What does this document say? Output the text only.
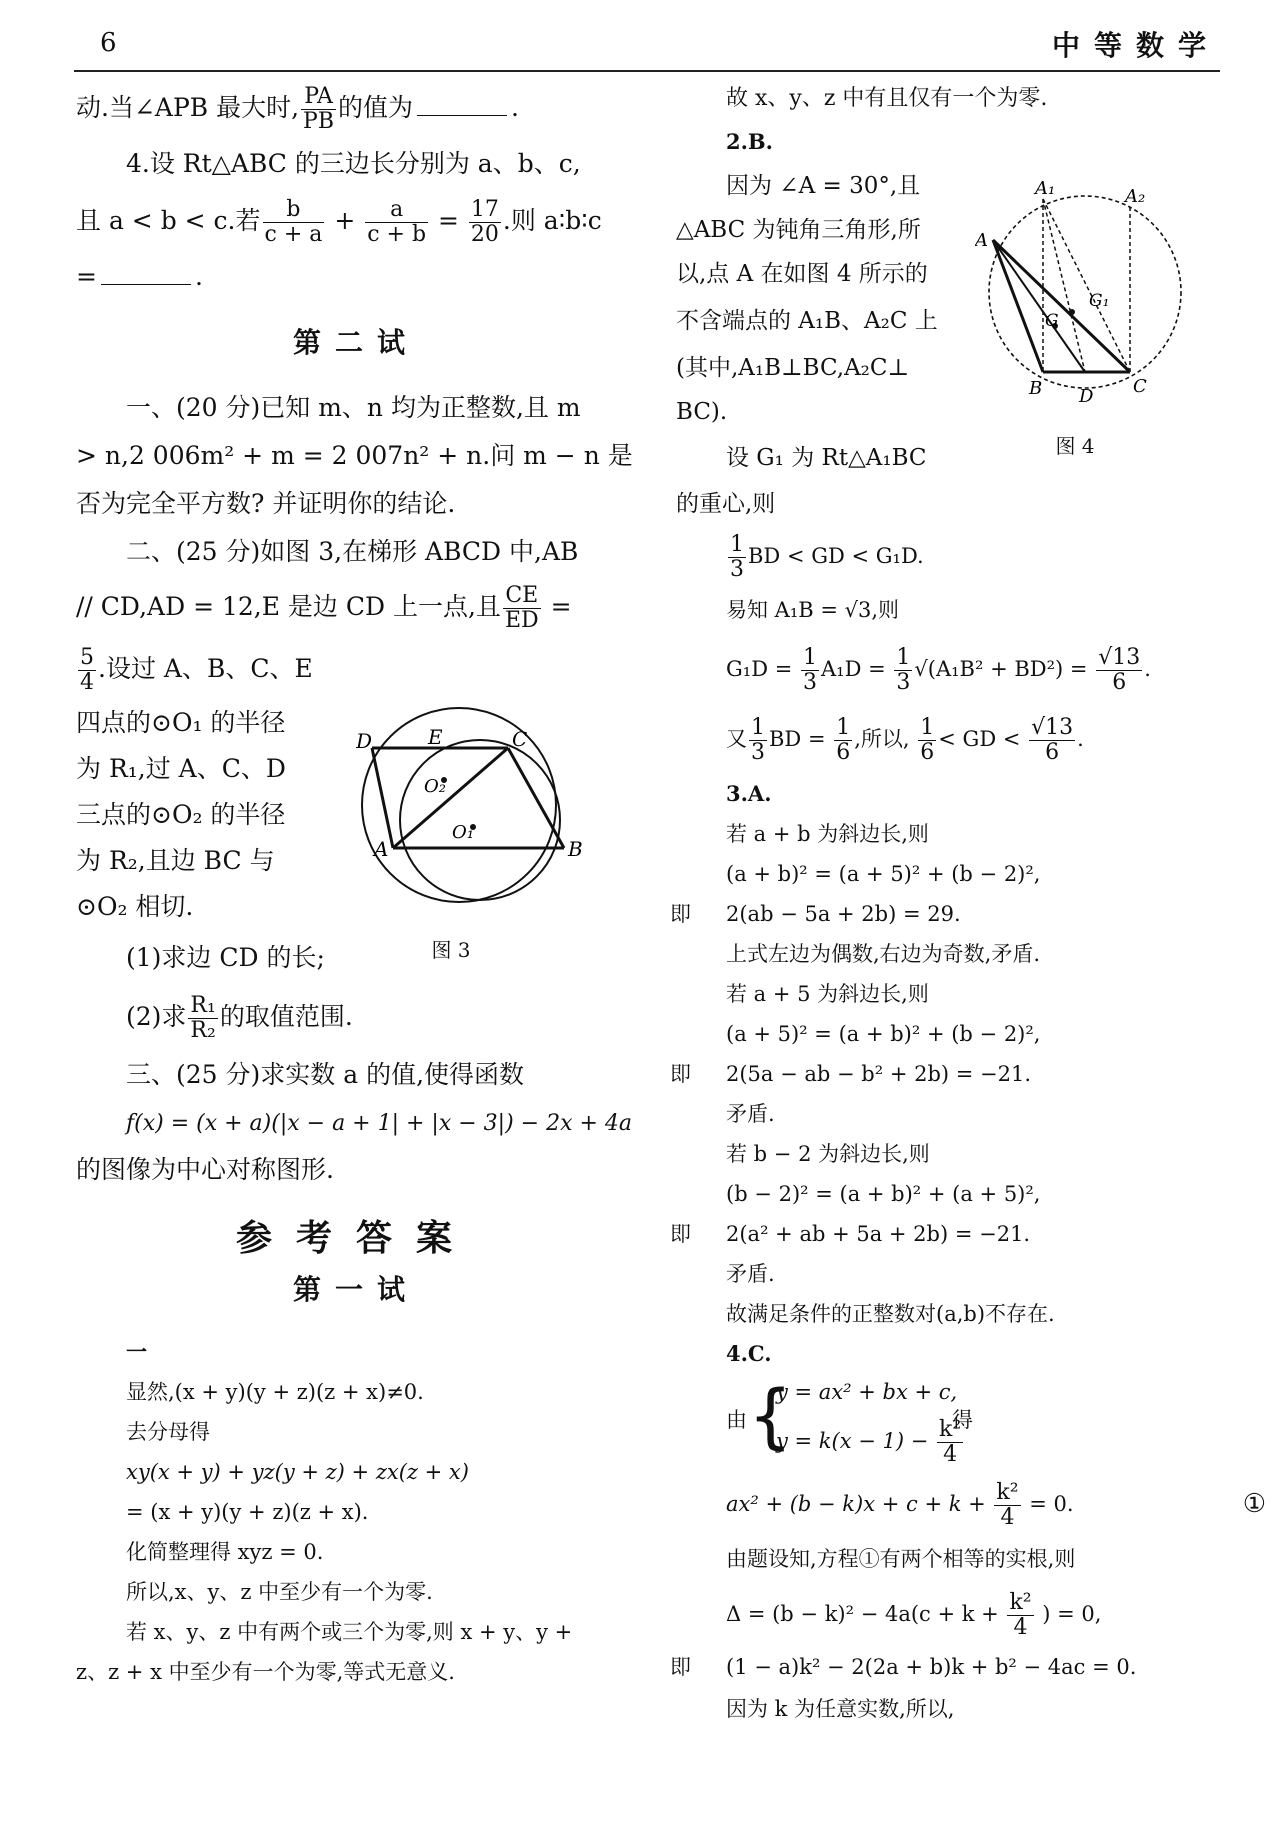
6	中等数学

动.当∠APB 最大时, $\frac{PA}{PB}$ 的值为	.

4.设 Rt△ABC 的三边长分别为 a、b、c,

且 a < b < c.若 $\frac{b}{c + a} + \frac{a}{c + b} = \frac{17}{20}$ .则 a∶b∶c

=	.

第二试

一、(20 分)已知 m、n 均为正整数,且 m

> n,2 006m² + m = 2 007n² + n.问 m − n 是

否为完全平方数? 并证明你的结论.

二、(25 分)如图 3,在梯形 ABCD 中,AB

// CD,AD = 12,E 是边 CD 上一点,且 $\frac{CE}{ED}$ =

$\frac{5}{4}$ .设过 A、B、C、E

四点的⊙O₁ 的半径

为 R₁,过 A、C、D

三点的⊙O₂ 的半径

为 R₂,且边 BC 与

⊙O₂ 相切.

(1)求边 CD 的长;

(2)求 $\frac{\text{R₁}}{\text{R₂}}$ 的取值范围.

三、(25 分)求实数 a 的值,使得函数

f(x) = (x + a)(|x − a + 1| + |x − 3|) − 2x + 4a

的图像为中心对称图形.

参考答案

第一试

一

显然,(x + y)(y + z)(z + x)≠0.

去分母得

xy(x + y) + yz(y + z) + zx(z + x)

= (x + y)(y + z)(z + x).

化简整理得 xyz = 0.

所以,x、y、z 中至少有一个为零.

若 x、y、z 中有两个或三个为零,则 x + y、y +

z、z + x 中至少有一个为零,等式无意义.

D	E	C
A	B
O₂
O₁
图 3
A₁	A₂
A
G₁
G
B D C
图 4

故 x、y、z 中有且仅有一个为零.

2.B.

因为 ∠A = 30°,且

△ABC 为钝角三角形,所

以,点 A 在如图 4 所示的

不含端点的 A₁B、A₂C 上

(其中,A₁B⊥BC,A₂C⊥

BC).

设 G₁ 为 Rt△A₁BC

的重心,则

$\frac{1}{3}$ BD < GD < G₁D.

易知 A₁B = √3,则

$G_1D = \frac{1}{3} A_1D = \frac{1}{3} √(A_1B^2 + BD^2) = \frac{√13}{6}$ .

又 $\frac{1}{3}$ BD = $\frac{1}{6}$ ,所以, $\frac{1}{6}$ < GD < $\frac{√13}{6}$ .

3.A.

若 a + b 为斜边长,则

(a + b)² = (a + 5)² + (b − 2)²,

即 2(ab − 5a + 2b) = 29.

上式左边为偶数,右边为奇数,矛盾.

若 a + 5 为斜边长,则

(a + 5)² = (a + b)² + (b − 2)²,

即 2(5a − ab − b² + 2b) = −21.

矛盾.

若 b − 2 为斜边长,则

(b − 2)² = (a + b)² + (a + 5)²,

即 2(a² + ab + 5a + 2b) = −21.

矛盾.

故满足条件的正整数对(a,b)不存在.

4.C.

由 {
y = ax² + bx + c,
$y = k(x - 1) - \frac{\text{k²}}{4}$
得

$ax^2 + (b - k)x + c + k + \frac{\text{k²}}{4} = 0$.	①

由题设知,方程①有两个相等的实根,则

$\Delta = (b - k)^2 - 4a(c + k + \frac{\text{k²}}{4}$ ) = 0,

即 (1 − a)k² − 2(2a + b)k + b² − 4ac = 0.

因为 k 为任意实数,所以,
